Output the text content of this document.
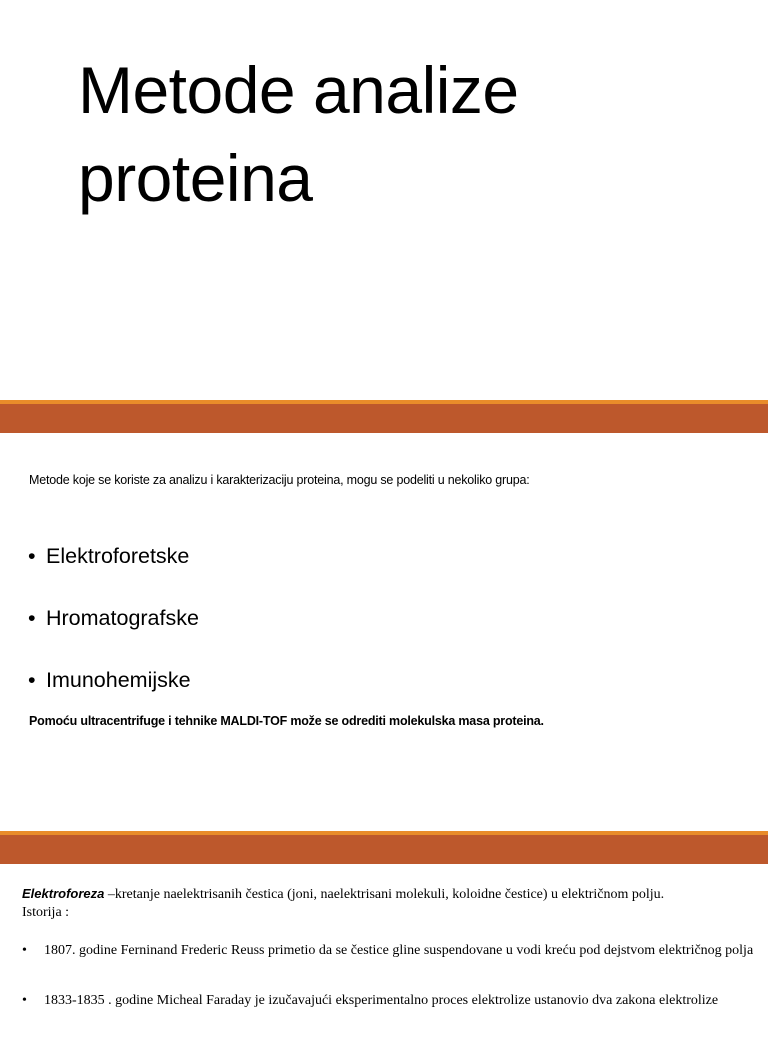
Metode analize
proteina

Metode koje se koriste za analizu i karakterizaciju proteina, mogu se podeliti u nekoliko grupa:

• Elektroforetske
• Hromatografske
• Imunohemijske

Pomoću ultracentrifuge i tehnike MALDI-TOF može se odrediti molekulska masa proteina.

Elektroforeza –kretanje naelektrisanih čestica (joni, naelektrisani molekuli, koloidne čestice) u električnom polju.

Istorija :

• 1807. godine Fernin​and Frederic Reuss primetio da se čestice gline suspendovane u vodi kreću pod dejstvom električnog polja
• 1833-1835 . godine Micheal Faraday je izučavajući eksperimentalno proces elektrolize ustanovio dva zakona elektrolize
